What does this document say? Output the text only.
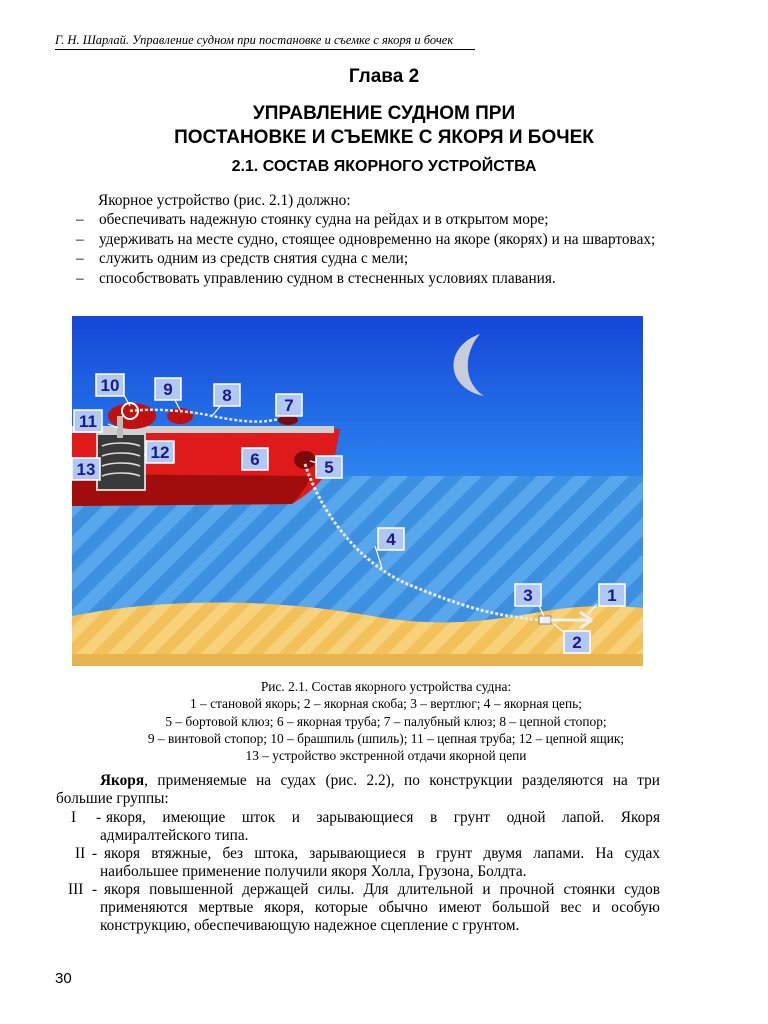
Г. Н. Шарлай. Управление судном при постановке и съемке с якоря и бочек
Глава 2
УПРАВЛЕНИЕ СУДНОМ ПРИ
ПОСТАНОВКЕ И СЪЕМКЕ С ЯКОРЯ И БОЧЕК
2.1. СОСТАВ ЯКОРНОГО УСТРОЙСТВА
Якорное устройство (рис. 2.1) должно:
– обеспечивать надежную стоянку судна на рейдах и в открытом море;
– удерживать на месте судно, стоящее одновременно на якоре (якорях) и на швартовах;
– служить одним из средств снятия судна с мели;
– способствовать управлению судном в стесненных условиях плавания.
1
2
3
4
5
6
7
8
9
10
11
12
13
Рис. 2.1. Состав якорного устройства судна:
1 – становой якорь; 2 – якорная скоба; 3 – вертлюг; 4 – якорная цепь;
5 – бортовой клюз; 6 – якорная труба; 7 – палубный клюз; 8 – цепной стопор;
9 – винтовой стопор; 10 – брашпиль (шпиль); 11 – цепная труба; 12 – цепной ящик;
13 – устройство экстренной отдачи якорной цепи

Якоря, применяемые на судах (рис. 2.2), по конструкции разделяются на три большие группы:

I - якоря, имеющие шток и зарывающиеся в грунт одной лапой. Якоря адмиралтейского типа.
II - якоря втяжные, без штока, зарывающиеся в грунт двумя лапами. На судах наибольшее применение получили якоря Холла, Грузона, Болдта.
III - якоря повышенной держащей силы. Для длительной и прочной стоянки судов применяются мертвые якоря, которые обычно имеют большой вес и особую конструкцию, обеспечивающую надежное сцепление с грунтом.
30
